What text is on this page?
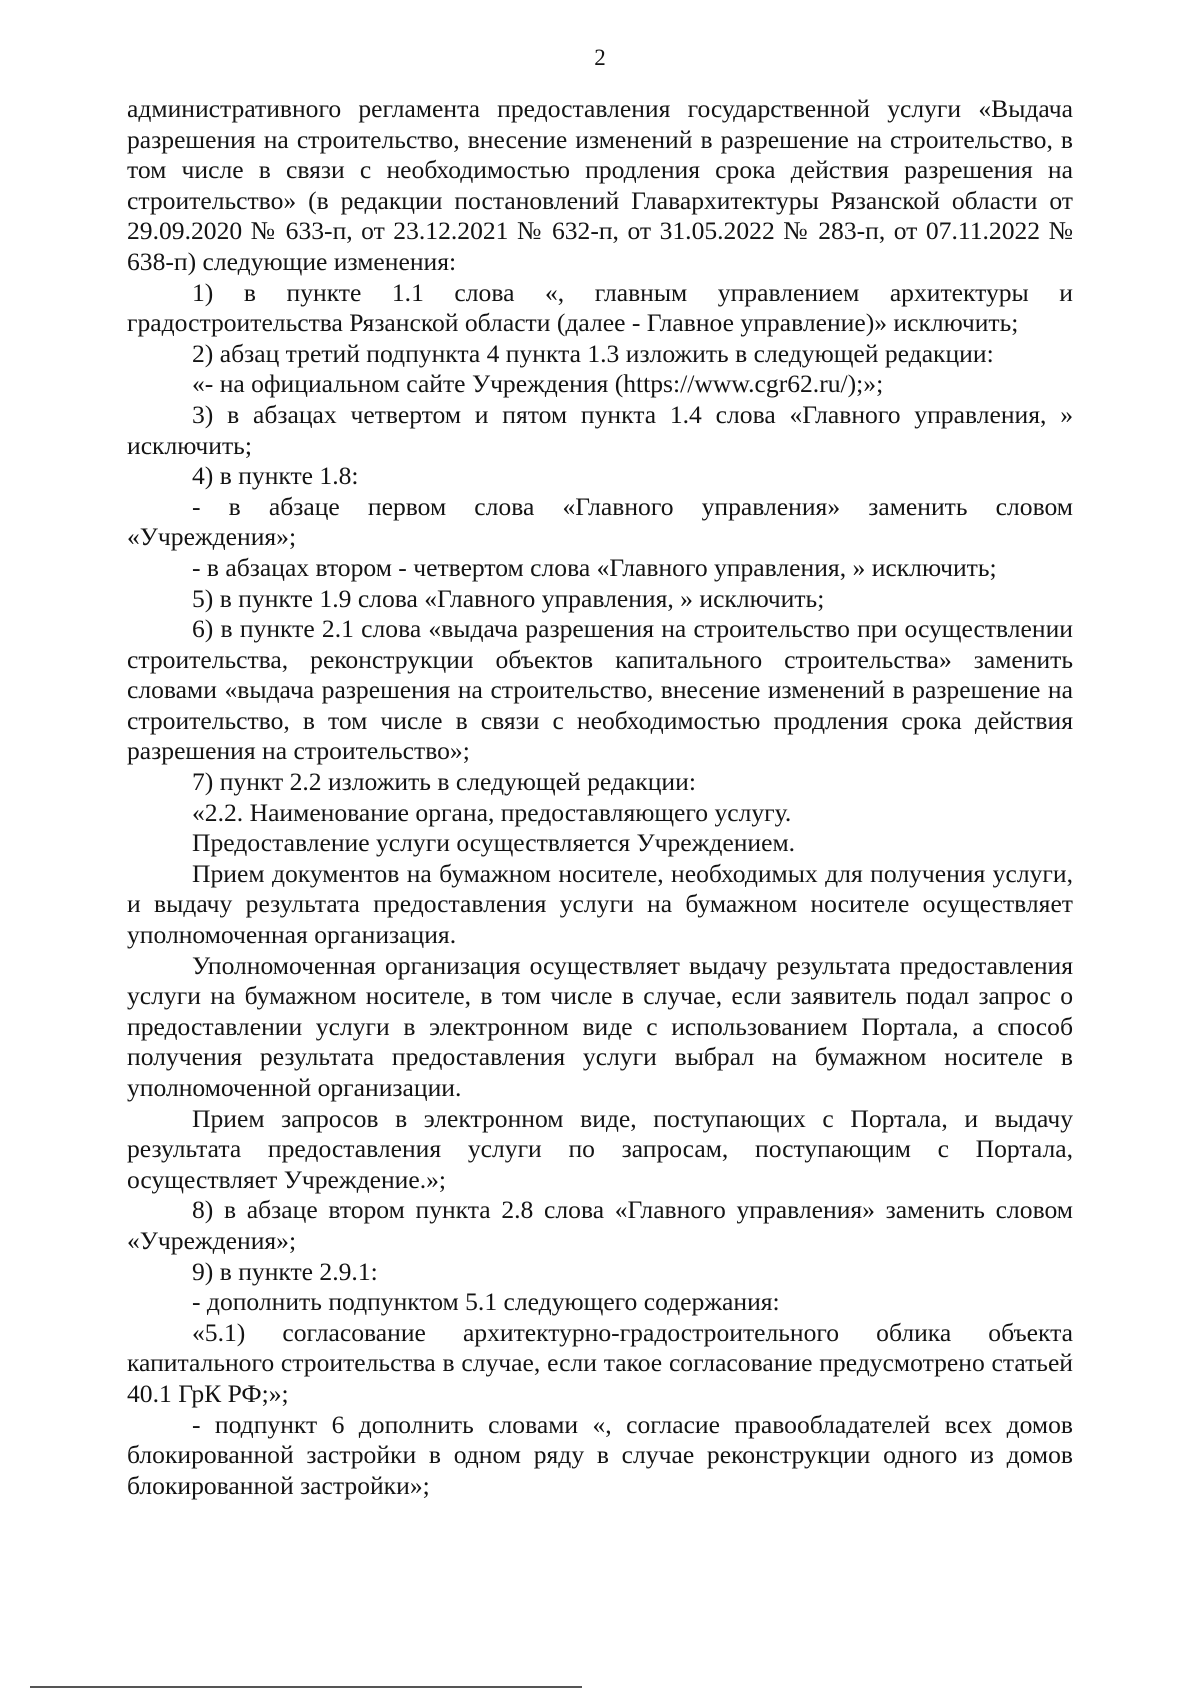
2

административного регламента предоставления государственной услуги «Выдача разрешения на строительство, внесение изменений в разрешение на строительство, в том числе в связи с необходимостью продления срока действия разрешения на строительство» (в редакции постановлений Главархитектуры Рязанской области от 29.09.2020 № 633-п, от 23.12.2021 № 632-п, от 31.05.2022 № 283-п, от 07.11.2022 № 638-п) следующие изменения:

1) в пункте 1.1 слова «, главным управлением архитектуры и градостроительства Рязанской области (далее - Главное управление)» исключить;

2) абзац третий подпункта 4 пункта 1.3 изложить в следующей редакции:

«- на официальном сайте Учреждения (https://www.cgr62.ru/);»;

3) в абзацах четвертом и пятом пункта 1.4 слова «Главного управления, » исключить;

4) в пункте 1.8:

- в абзаце первом слова «Главного управления» заменить словом «Учреждения»;

- в абзацах втором - четвертом слова «Главного управления, » исключить;

5) в пункте 1.9 слова «Главного управления, » исключить;

6) в пункте 2.1 слова «выдача разрешения на строительство при осуществлении строительства, реконструкции объектов капитального строительства» заменить словами «выдача разрешения на строительство, внесение изменений в разрешение на строительство, в том числе в связи с необходимостью продления срока действия разрешения на строительство»;

7) пункт 2.2 изложить в следующей редакции:

«2.2. Наименование органа, предоставляющего услугу.

Предоставление услуги осуществляется Учреждением.

Прием документов на бумажном носителе, необходимых для получения услуги, и выдачу результата предоставления услуги на бумажном носителе осуществляет уполномоченная организация.

Уполномоченная организация осуществляет выдачу результата предоставления услуги на бумажном носителе, в том числе в случае, если заявитель подал запрос о предоставлении услуги в электронном виде с использованием Портала, а способ получения результата предоставления услуги выбрал на бумажном носителе в уполномоченной организации.

Прием запросов в электронном виде, поступающих с Портала, и выдачу результата предоставления услуги по запросам, поступающим с Портала, осуществляет Учреждение.»;

8) в абзаце втором пункта 2.8 слова «Главного управления» заменить словом «Учреждения»;

9) в пункте 2.9.1:

- дополнить подпунктом 5.1 следующего содержания:

«5.1) согласование архитектурно-градостроительного облика объекта капитального строительства в случае, если такое согласование предусмотрено статьей 40.1 ГрК РФ;»;

- подпункт 6 дополнить словами «, согласие правообладателей всех домов блокированной застройки в одном ряду в случае реконструкции одного из домов блокированной застройки»;
